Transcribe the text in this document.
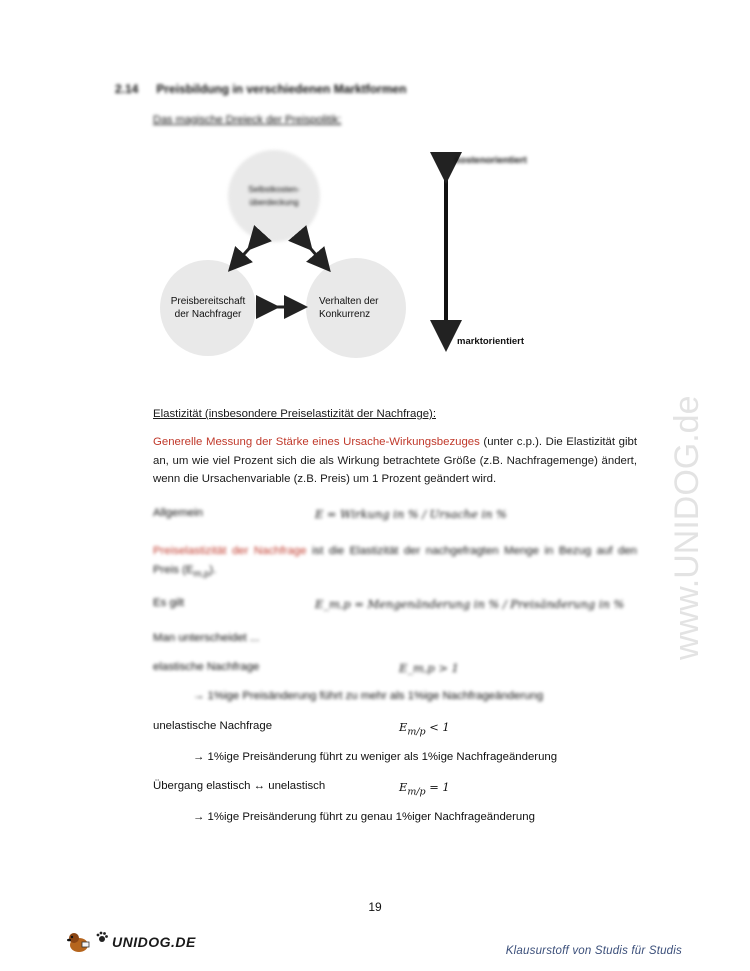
2.14 Preisbildung in verschiedenen Marktformen
Das magische Dreieck der Preispolitik:
Selbstkosten- überdeckung
Preisbereitschaft der Nachfrager
Verhalten der Konkurrenz
kostenorientiert
marktorientiert
Elastizität (insbesondere Preiselastizität der Nachfrage):
Generelle Messung der Stärke eines Ursache-Wirkungsbezuges (unter c.p.). Die Elastizität gibt an, um wie viel Prozent sich die als Wirkung betrachtete Größe (z.B. Nachfragemenge) ändert, wenn die Ursachenvariable (z.B. Preis) um 1 Prozent geändert wird.
Allgemein	E = Wirkung in % / Ursache in %
Preiselastizität der Nachfrage ist die Elastizität der nachgefragten Menge in Bezug auf den Preis $(E_{m,p})$.
Es gilt	E_m,p = Mengenänderung in % / Preisänderung in %
Man unterscheidet ...
elastische Nachfrage	E_m,p > 1
→ 1%ige Preisänderung führt zu mehr als 1%ige Nachfrageänderung
unelastische Nachfrage	$E_{m/p} < 1$
→ 1%ige Preisänderung führt zu weniger als 1%ige Nachfrageänderung
Übergang elastisch ↔ unelastisch	$E_{m/p} = 1$
→ 1%ige Preisänderung führt zu genau 1%iger Nachfrageänderung
19
www.UNIDOG.de
UNIDOG.DE
Klausurstoff von Studis für Studis
